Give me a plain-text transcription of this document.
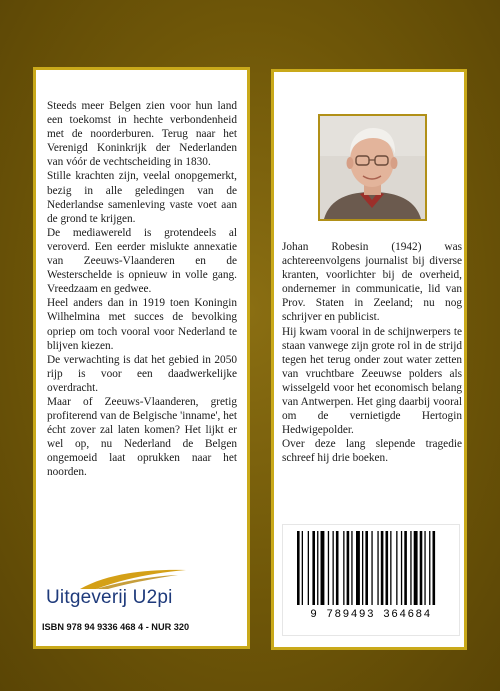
Steeds meer Belgen zien voor hun land een toekomst in hechte verbondenheid met de noorderburen. Terug naar het Verenigd Koninkrijk der Nederlanden van vóór de vechtscheiding in 1830.

Stille krachten zijn, veelal onopgemerkt, bezig in alle geledingen van de Nederlandse samenleving vaste voet aan de grond te krijgen.

De mediawereld is grotendeels al veroverd. Een eerder mislukte annexatie van Zeeuws-Vlaanderen en de Westerschelde is opnieuw in volle gang. Vreedzaam en gedwee.

Heel anders dan in 1919 toen Koningin Wilhelmina met succes de bevolking opriep om toch vooral voor Nederland te blijven kiezen.

De verwachting is dat het gebied in 2050 rijp is voor een daadwerkelijke overdracht.

Maar of Zeeuws-Vlaanderen, gretig profiterend van de Belgische 'inname', het écht zover zal laten komen? Het lijkt er wel op, nu Nederland de Belgen ongemoeid laat oprukken naar het noorden.

Uitgeverij U2pi
ISBN 978 94 9336 468 4 - NUR 320

Johan Robesin (1942) was achtereenvolgens journalist bij diverse kranten, voorlichter bij de overheid, ondernemer in communicatie, lid van Prov. Staten in Zeeland; nu nog schrijver en publicist.

Hij kwam vooral in de schijnwerpers te staan vanwege zijn grote rol in de strijd tegen het terug onder zout water zetten van vruchtbare Zeeuwse polders als wisselgeld voor het economisch belang van Antwerpen. Het ging daarbij vooral om de vernietigde Hertogin Hedwigepolder.

Over deze lang slepende tragedie schreef hij drie boeken.

9 789493 364684
